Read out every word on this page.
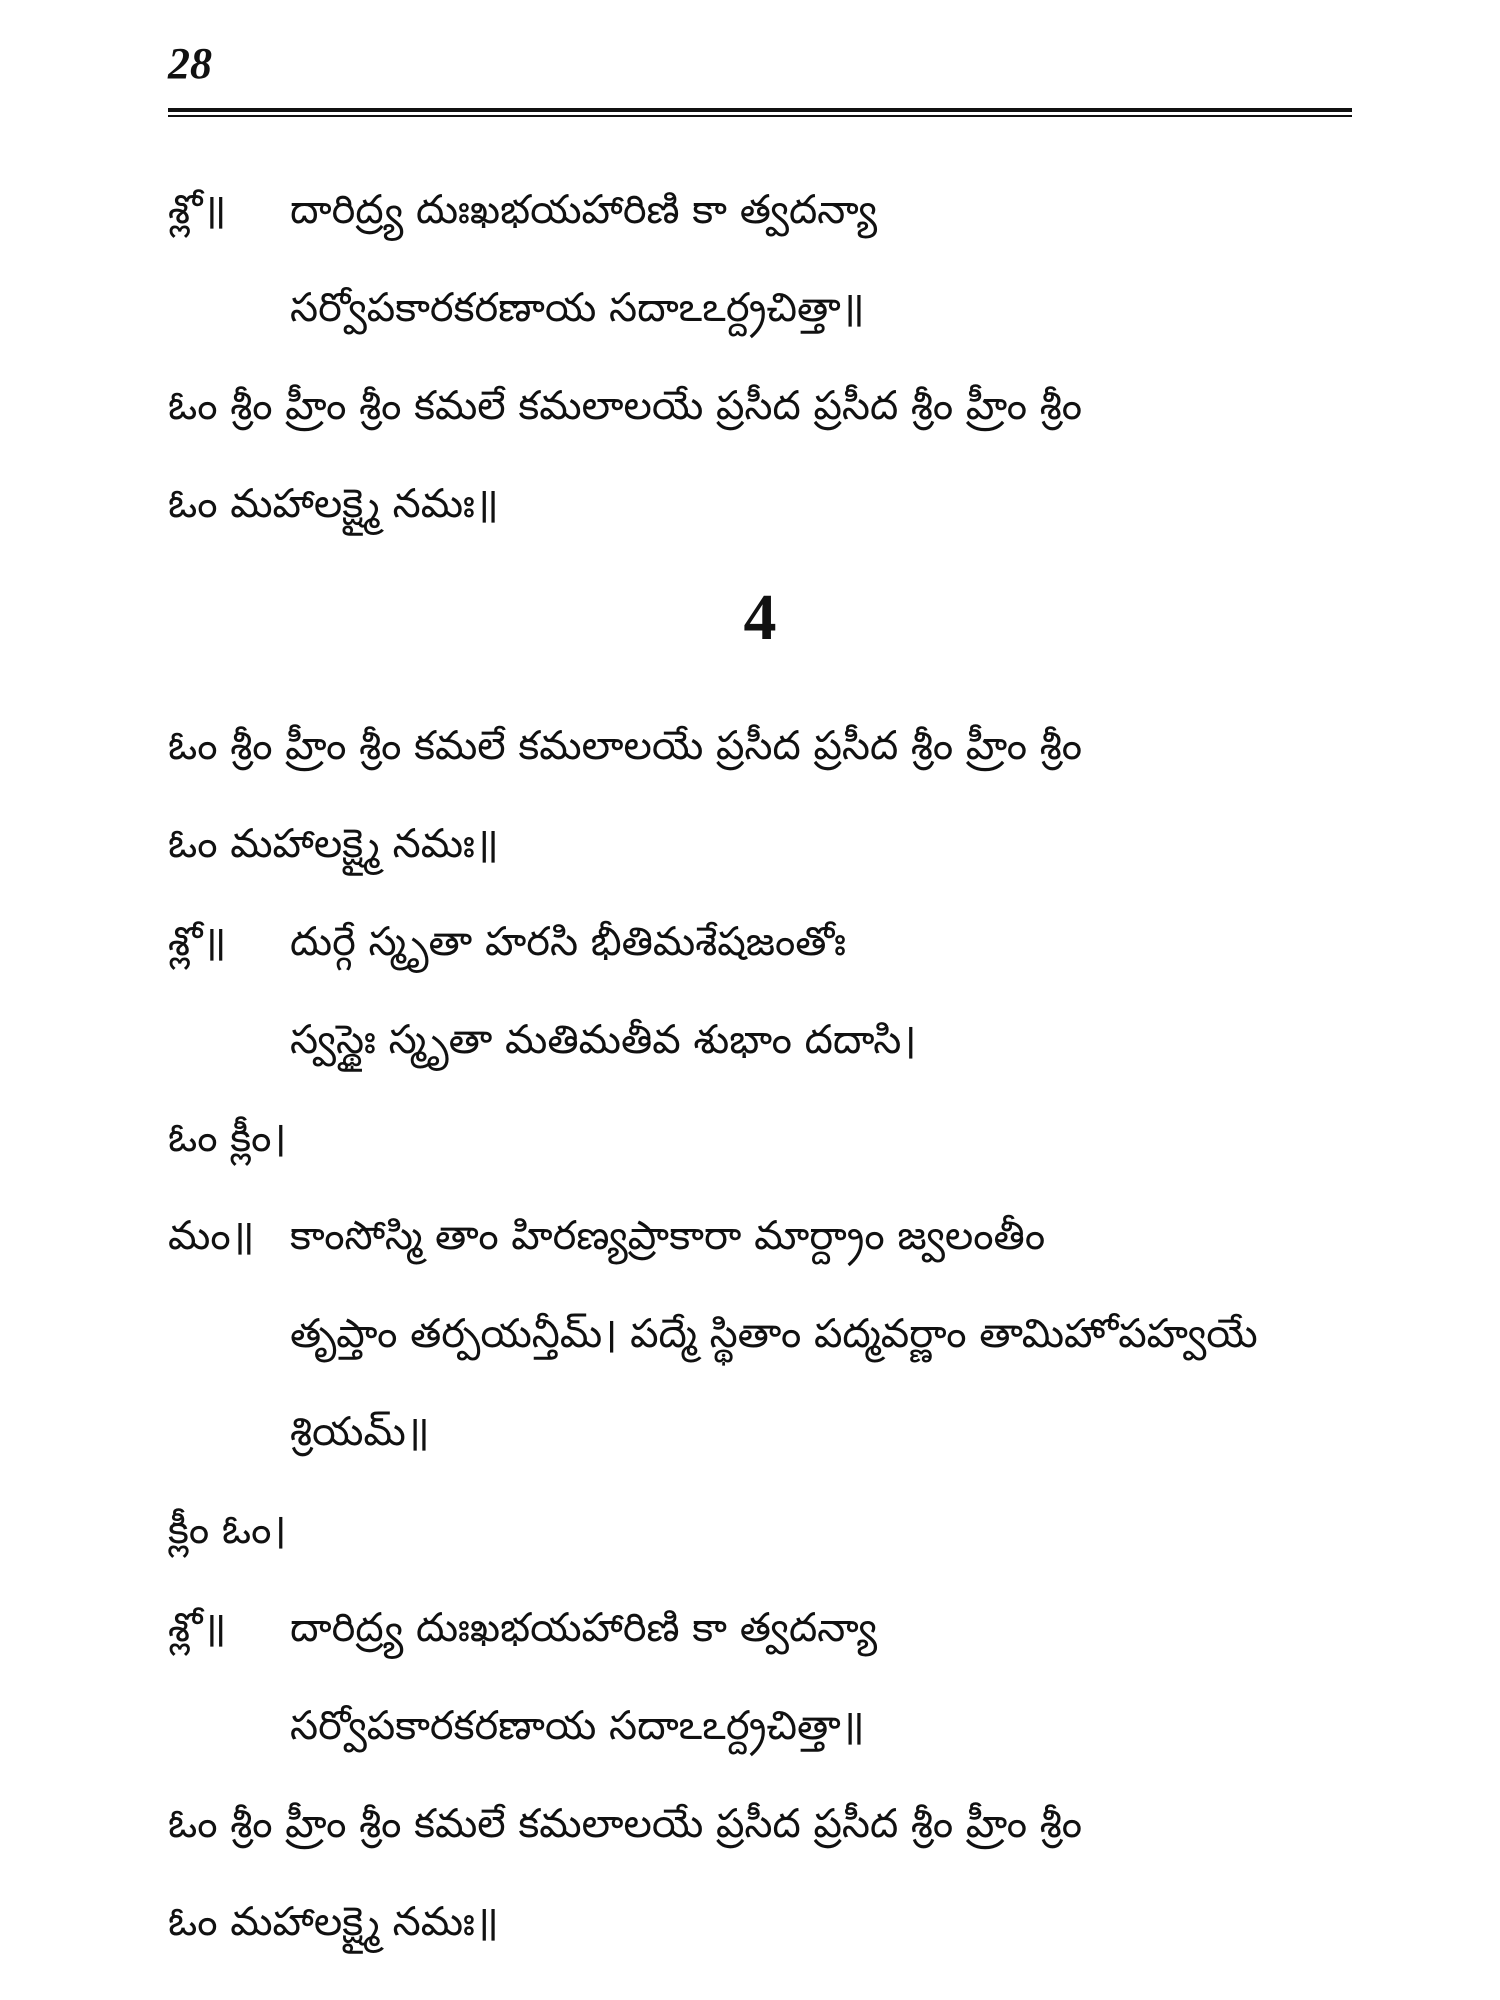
28
శ్లో॥ దారిద్ర్య దుఃఖభయహారిణి కా త్వదన్యా
సర్వోపకారకరణాయ సదాఽఽర్ద్రచిత్తా॥
ఓం శ్రీం హ్రీం శ్రీం కమలే కమలాలయే ప్రసీద ప్రసీద శ్రీం హ్రీం శ్రీం
ఓం మహాలక్ష్మై నమః॥
4
ఓం శ్రీం హ్రీం శ్రీం కమలే కమలాలయే ప్రసీద ప్రసీద శ్రీం హ్రీం శ్రీం
ఓం మహాలక్ష్మై నమః॥
శ్లో॥ దుర్గే స్మృతా హరసి భీతిమశేషజంతోః
స్వస్థైః స్మృతా మతిమతీవ శుభాం దదాసి।
ఓం క్లీం।
మం॥ కాంసోస్మి తాం హిరణ్యప్రాకారా మార్ద్రాం జ్వలంతీం
తృప్తాం తర్పయన్తీమ్। పద్మే స్థితాం పద్మవర్ణాం తామిహోపహ్వయే
శ్రియమ్॥
క్లీం ఓం।
శ్లో॥ దారిద్ర్య దుఃఖభయహారిణి కా త్వదన్యా
సర్వోపకారకరణాయ సదాఽఽర్ద్రచిత్తా॥
ఓం శ్రీం హ్రీం శ్రీం కమలే కమలాలయే ప్రసీద ప్రసీద శ్రీం హ్రీం శ్రీం
ఓం మహాలక్ష్మై నమః॥
